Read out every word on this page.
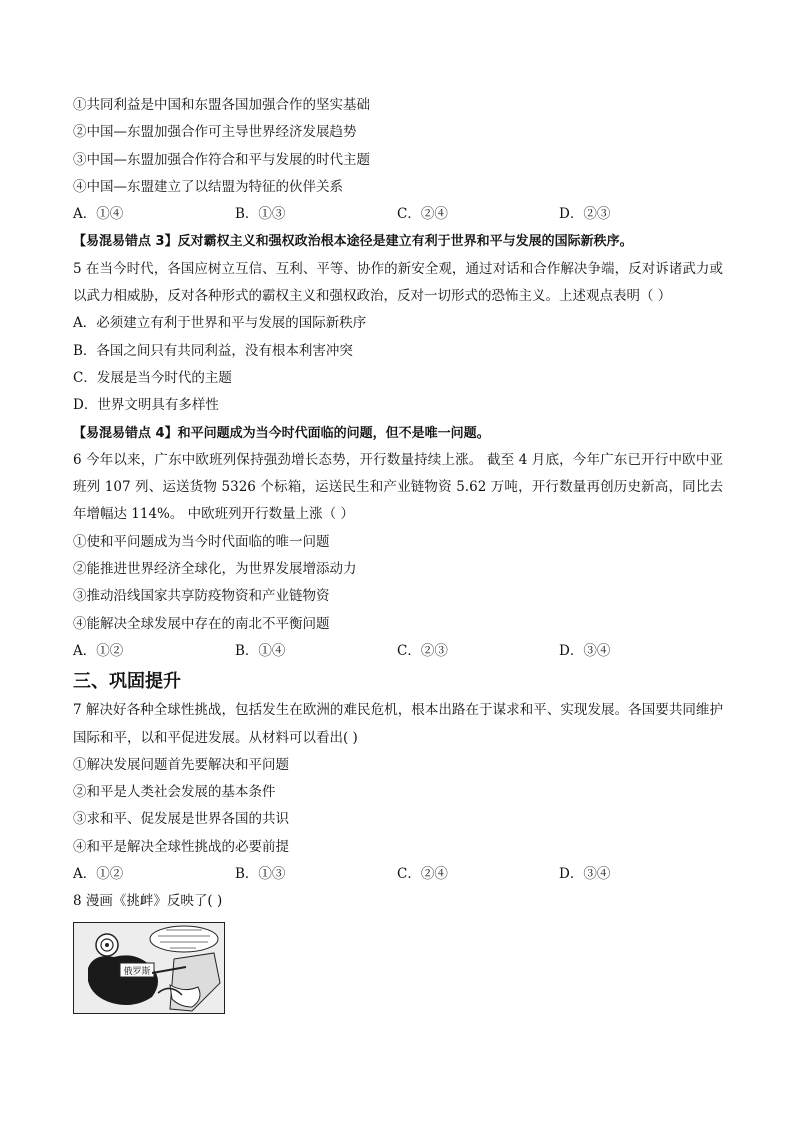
①共同利益是中国和东盟各国加强合作的坚实基础
②中国—东盟加强合作可主导世界经济发展趋势
③中国—东盟加强合作符合和平与发展的时代主题
④中国—东盟建立了以结盟为特征的伙伴关系
A．①④	B．①③	C．②④	D．②③
【易混易错点 3】反对霸权主义和强权政治根本途径是建立有利于世界和平与发展的国际新秩序。
5 在当今时代，各国应树立互信、互利、平等、协作的新安全观，通过对话和合作解决争端，反对诉诸武力或以武力相威胁，反对各种形式的霸权主义和强权政治，反对一切形式的恐怖主义。上述观点表明（ ）
A．必须建立有利于世界和平与发展的国际新秩序
B．各国之间只有共同利益，没有根本利害冲突
C．发展是当今时代的主题
D．世界文明具有多样性
【易混易错点 4】和平问题成为当今时代面临的问题，但不是唯一问题。
6 今年以来，广东中欧班列保持强劲增长态势，开行数量持续上涨。 截至 4 月底，今年广东已开行中欧中亚班列 107 列、运送货物 5326 个标箱，运送民生和产业链物资 5.62 万吨，开行数量再创历史新高，同比去年增幅达 114%。 中欧班列开行数量上涨（ ）
①使和平问题成为当今时代面临的唯一问题
②能推进世界经济全球化，为世界发展增添动力
③推动沿线国家共享防疫物资和产业链物资
④能解决全球发展中存在的南北不平衡问题
A．①②	B．①④	C．②③	D．③④
三、巩固提升
7 解决好各种全球性挑战，包括发生在欧洲的难民危机，根本出路在于谋求和平、实现发展。各国要共同维护国际和平，以和平促进发展。从材料可以看出( )
①解决发展问题首先要解决和平问题
②和平是人类社会发展的基本条件
③求和平、促发展是世界各国的共识
④和平是解决全球性挑战的必要前提
A．①②	B．①③	C．②④	D．③④
8 漫画《挑衅》反映了( )
俄罗斯
